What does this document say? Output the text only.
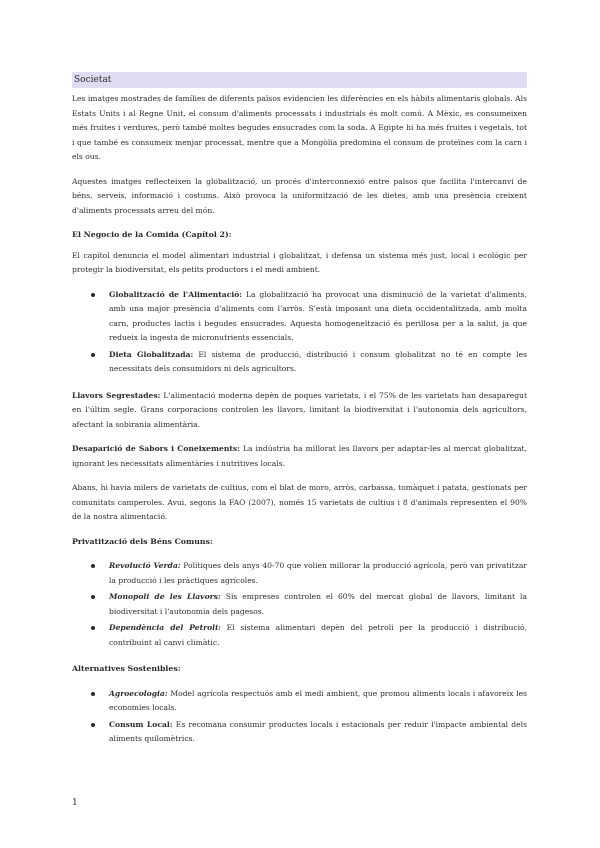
Societat

Les imatges mostrades de famílies de diferents països evidencien les diferències en els hàbits alimentaris globals. Als Estats Units i al Regne Unit, el consum d'aliments processats i industrials és molt comú. A Mèxic, es consumeixen més fruites i verdures, però també moltes begudes ensucrades com la soda. A Egipte hi ha més fruites i vegetals, tot i que també es consumeix menjar processat, mentre que a Mongòlia predomina el consum de proteïnes com la carn i els ous.

Aquestes imatges reflecteixen la globalització, un procés d'interconnexió entre països que facilita l'intercanvi de béns, serveis, informació i costums. Això provoca la uniformització de les dietes, amb una presència creixent d'aliments processats arreu del món.

El Negocio de la Comida (Capítol 2):

El capítol denuncia el model alimentari industrial i globalitzat, i defensa un sistema més just, local i ecològic per protegir la biodiversitat, els petits productors i el medi ambient.

Globalització de l'Alimentació: La globalització ha provocat una disminució de la varietat d'aliments, amb una major presència d'aliments com l'arròs. S'està imposant una dieta occidentalitzada, amb molta carn, productes lactis i begudes ensucrades. Aquesta homogeneïtzació és perillosa per a la salut, ja que redueix la ingesta de micronutrients essencials.
Dieta Globalitzada: El sistema de producció, distribució i consum globalitzat no té en compte les necessitats dels consumidors ni dels agricultors.

Llavors Segrestades: L'alimentació moderna depèn de poques varietats, i el 75% de les varietats han desaparegut en l'últim segle. Grans corporacions controlen les llavors, limitant la biodiversitat i l'autonomia dels agricultors, afectant la sobirania alimentària.

Desaparició de Sabors i Coneixements: La indústria ha millorat les llavors per adaptar-les al mercat globalitzat, ignorant les necessitats alimentàries i nutritives locals.

Abans, hi havia milers de varietats de cultius, com el blat de moro, arròs, carbassa, tomàquet i patata, gestionats per comunitats camperoles. Avui, segons la FAO (2007), només 15 varietats de cultius i 8 d'animals representen el 90% de la nostra alimentació.

Privatització dels Béns Comuns:

Revolució Verda: Polítiques dels anys 40-70 que volien millorar la producció agrícola, però van privatitzar la producció i les pràctiques agrícoles.
Monopoli de les Llavors: Sis empreses controlen el 60% del mercat global de llavors, limitant la biodiversitat i l'autonomia dels pagesos.
Dependència del Petroli: El sistema alimentari depèn del petroli per la producció i distribució, contribuint al canvi climàtic.

Alternatives Sostenibles:

Agroecologia: Model agrícola respectuós amb el medi ambient, que promou aliments locals i afavoreix les economies locals.
Consum Local: Es recomana consumir productes locals i estacionals per reduir l'impacte ambiental dels aliments quilomètrics.
1
